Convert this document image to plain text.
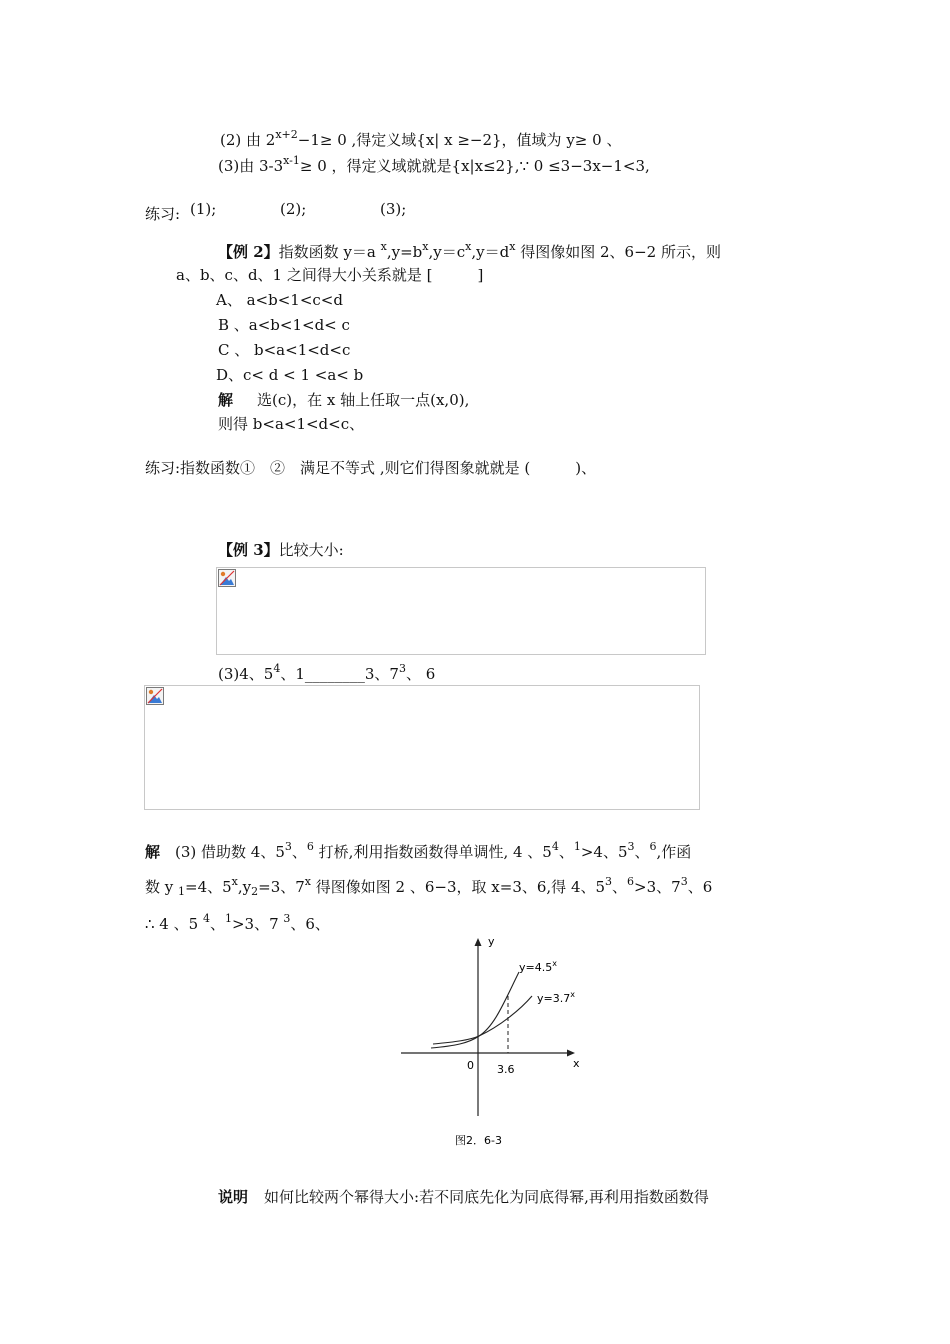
(2) 由 $2^{x+2}-1\ge 0$ ,得定义域{x| x ≥−2}，值域为 y≥ 0 、
(3)由 $3-3^{x-1}\ge 0$ ，得定义域就就是{x|x≤2},∵ 0 ≤3−3x−1<3,
练习: (1);	(2);	(3);
【例 2】指数函数 y＝a $^x,y=b^x,y=c^x,y=d^x$ 得图像如图 2、6−2 所示，则
a、b、c、d、1 之间得大小关系就是 [　　　]
A、 a<b<1<c<d
B 、a<b<1<d< c
C 、 b<a<1<d<c
D、c< d < 1 <a< b
解 选(c)，在 x 轴上任取一点(x,0),
则得 b<a<1<d<c、
练习:指数函数①　②　满足不等式 ,则它们得图象就就是 (　　　)、
【例 3】比较大小:
(3)4、$5^4$、1________3、$7^3$、 6
解　(3) 借助数 4、$5^3$、$^6$ 打桥,利用指数函数得单调性, 4 、$5^4$、$^1$>4、$5^3$、$^6$,作函
数 y $_1$=4、$5^x,y_2=3$、7$^x$ 得图像如图 2 、6−3，取 x=3、6,得 4、$5^3$、$^6$>3、$7^3$、6
∴ 4 、5 $^4$、$^1$>3、7 $^3$、6、
y
x
0 3.6
$y=4.5^x$
$y=3.7^x$
图2．6-3
说明 如何比较两个幂得大小:若不同底先化为同底得幂,再利用指数函数得
